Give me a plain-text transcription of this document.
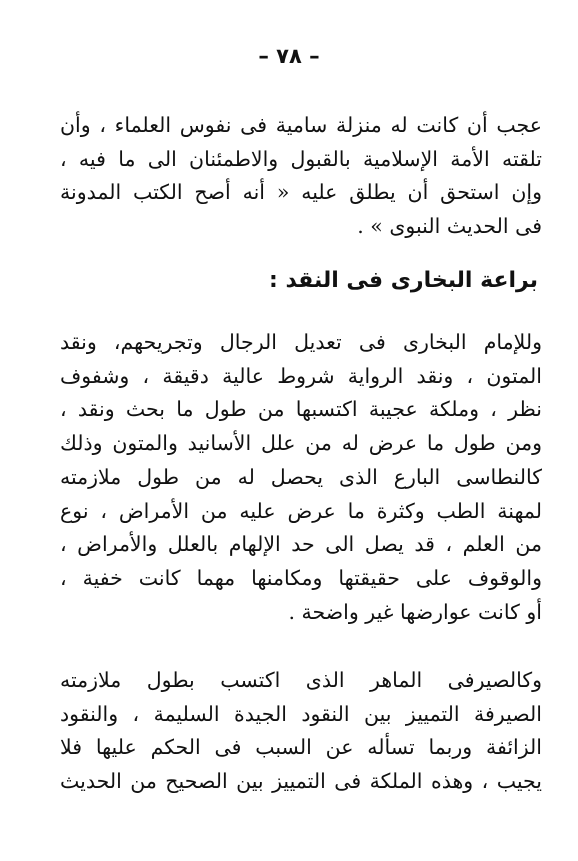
– ٧٨ –

عجب أن كانت له منزلة سامية فى نفوس العلماء ، وأن
تلقته الأمة الإسلامية بالقبول والاطمئنان الى ما فيه ،
وإن استحق أن يطلق عليه « أنه أصح الكتب المدونة
فى الحديث النبوى » .

براعة البخارى فى النقد :

وللإمام البخارى فى تعديل الرجال وتجريحهم، ونقد
المتون ، ونقد الرواية شروط عالية دقيقة ، وشفوف
نظر ، وملكة عجيبة اكتسبها من طول ما بحث ونقد ،
ومن طول ما عرض له من علل الأسانيد والمتون وذلك
كالنطاسى البارع الذى يحصل له من طول ملازمته
لمهنة الطب وكثرة ما عرض عليه من الأمراض ، نوع
من العلم ، قد يصل الى حد الإلهام بالعلل والأمراض ،
والوقوف على حقيقتها ومكامنها مهما كانت خفية ،
أو كانت عوارضها غير واضحة .

وكالصيرفى الماهر الذى اكتسب بطول ملازمته
الصيرفة التمييز بين النقود الجيدة السليمة ، والنقود
الزائفة وربما تسأله عن السبب فى الحكم عليها فلا
يجيب ، وهذه الملكة فى التمييز بين الصحيح من الحديث
